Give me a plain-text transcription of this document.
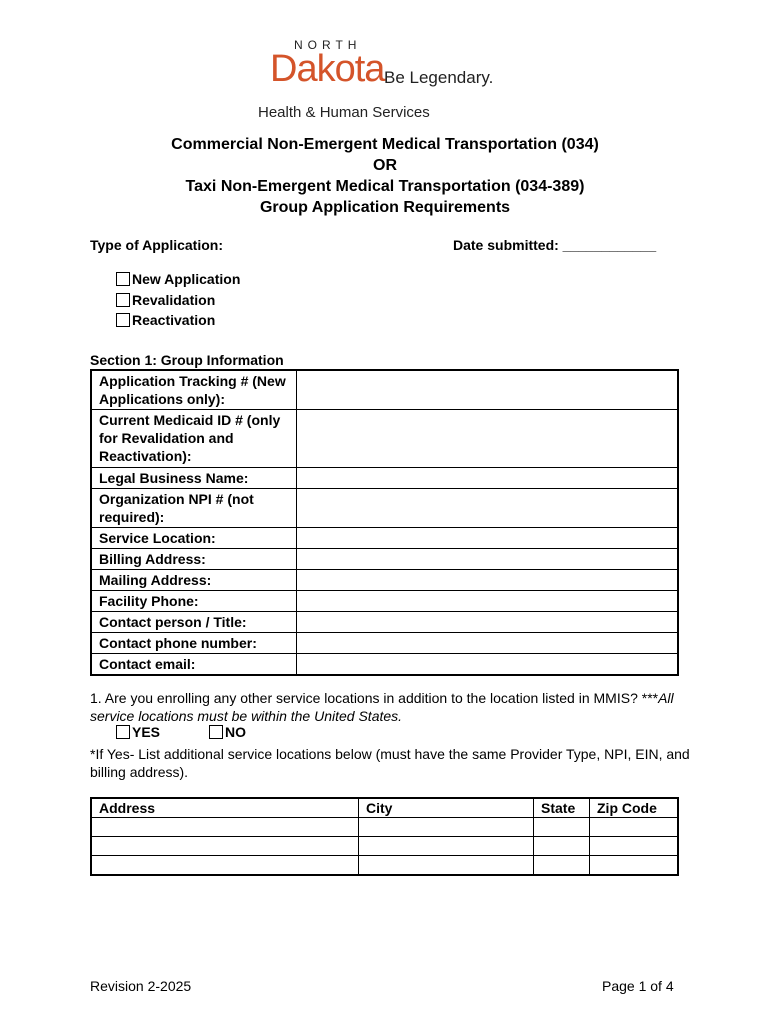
NORTH
Dakota Be Legendary.
Health & Human Services
Commercial Non-Emergent Medical Transportation (034)
OR
Taxi Non-Emergent Medical Transportation (034-389)
Group Application Requirements
Type of Application:	Date submitted: ____________
New Application
Revalidation
Reactivation
Section 1: Group Information
Application Tracking # (New Applications only):	
Current Medicaid ID # (only for Revalidation and Reactivation):	
Legal Business Name:	
Organization NPI # (not required):	
Service Location:	
Billing Address:	
Mailing Address:	
Facility Phone:	
Contact person / Title:	
Contact phone number:	
Contact email:	
1. Are you enrolling any other service locations in addition to the location listed in MMIS? ***All service locations must be within the United States.
YES	NO
*If Yes- List additional service locations below (must have the same Provider Type, NPI, EIN, and billing address).
Address	City	State	Zip Code

Revision 2-2025	Page 1 of 4
